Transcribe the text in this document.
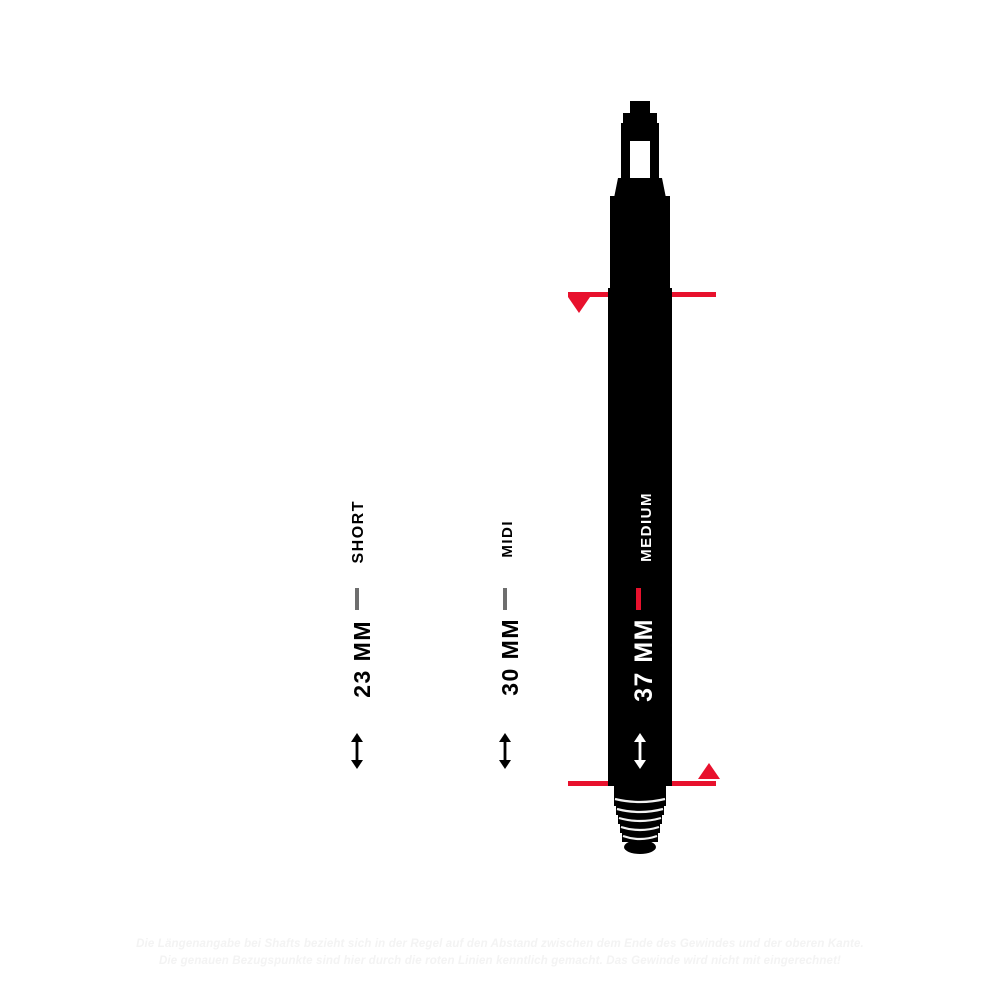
SHORT
23 MM
MIDI
30 MM
MEDIUM
37 MM
Die Längenangabe bei Shafts bezieht sich in der Regel auf den Abstand zwischen dem Ende des Gewindes und der oberen Kante.
Die genauen Bezugspunkte sind hier durch die roten Linien kenntlich gemacht. Das Gewinde wird nicht mit eingerechnet!
